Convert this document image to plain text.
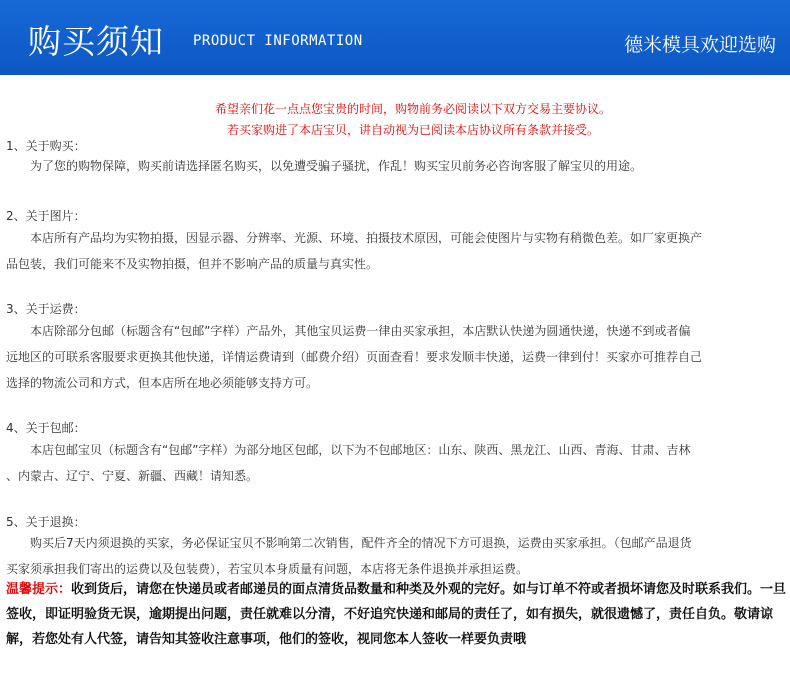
购买须知 PRODUCT INFORMATION	德米模具欢迎选购
希望亲们花一点点您宝贵的时间，购物前务必阅读以下双方交易主要协议。
若买家购进了本店宝贝，讲自动视为已阅读本店协议所有条款并接受。
1、关于购买：
为了您的购物保障，购买前请选择匿名购买，以免遭受骗子骚扰，作乱！购买宝贝前务必咨询客服了解宝贝的用途。
2、关于图片：
本店所有产品均为实物拍摄，因显示器、分辨率、光源、环境、拍摄技术原因，可能会使图片与实物有稍微色差。如厂家更换产
品包装，我们可能来不及实物拍摄，但并不影响产品的质量与真实性。
3、关于运费：
本店除部分包邮（标题含有“包邮”字样）产品外，其他宝贝运费一律由买家承担，本店默认快递为圆通快递，快递不到或者偏
远地区的可联系客服要求更换其他快递，详情运费请到（邮费介绍）页面查看！要求发顺丰快递，运费一律到付！买家亦可推荐自己
选择的物流公司和方式，但本店所在地必须能够支持方可。
4、关于包邮：
本店包邮宝贝（标题含有“包邮”字样）为部分地区包邮，以下为不包邮地区：山东、陕西、黑龙江、山西、青海、甘肃、吉林
、内蒙古、辽宁、宁夏、新疆、西藏！请知悉。
5、关于退换：
购买后7天内须退换的买家，务必保证宝贝不影响第二次销售，配件齐全的情况下方可退换，运费由买家承担。（包邮产品退货
买家须承担我们寄出的运费以及包装费），若宝贝本身质量有问题，本店将无条件退换并承担运费。
温馨提示：收到货后，请您在快递员或者邮递员的面点清货品数量和种类及外观的完好。如与订单不符或者损坏请您及时联系我们。一旦签收，即证明验货无误，逾期提出问题，责任就难以分清，不好追究快递和邮局的责任了，如有损失，就很遗憾了，责任自负。敬请谅解，若您处有人代签，请告知其签收注意事项，他们的签收，视同您本人签收一样要负责哦
